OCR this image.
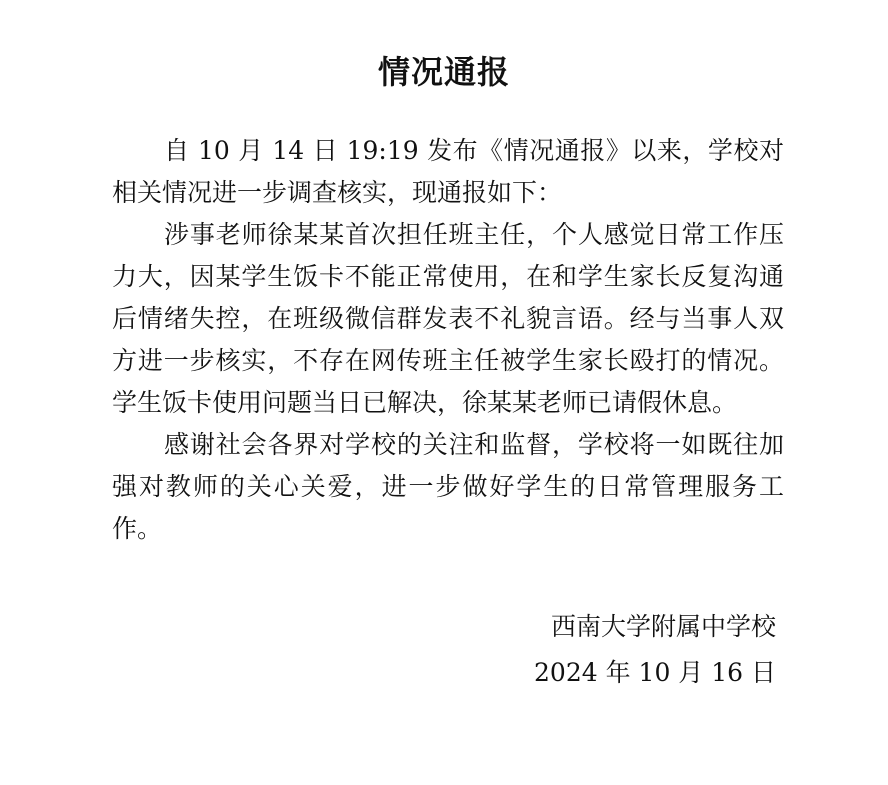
情况通报

自 10 月 14 日 19:19 发布《情况通报》以来，学校对相关情况进一步调查核实，现通报如下：

涉事老师徐某某首次担任班主任，个人感觉日常工作压力大，因某学生饭卡不能正常使用，在和学生家长反复沟通后情绪失控，在班级微信群发表不礼貌言语。经与当事人双方进一步核实，不存在网传班主任被学生家长殴打的情况。学生饭卡使用问题当日已解决，徐某某老师已请假休息。

感谢社会各界对学校的关注和监督，学校将一如既往加强对教师的关心关爱，进一步做好学生的日常管理服务工作。

西南大学附属中学校
2024 年 10 月 16 日
